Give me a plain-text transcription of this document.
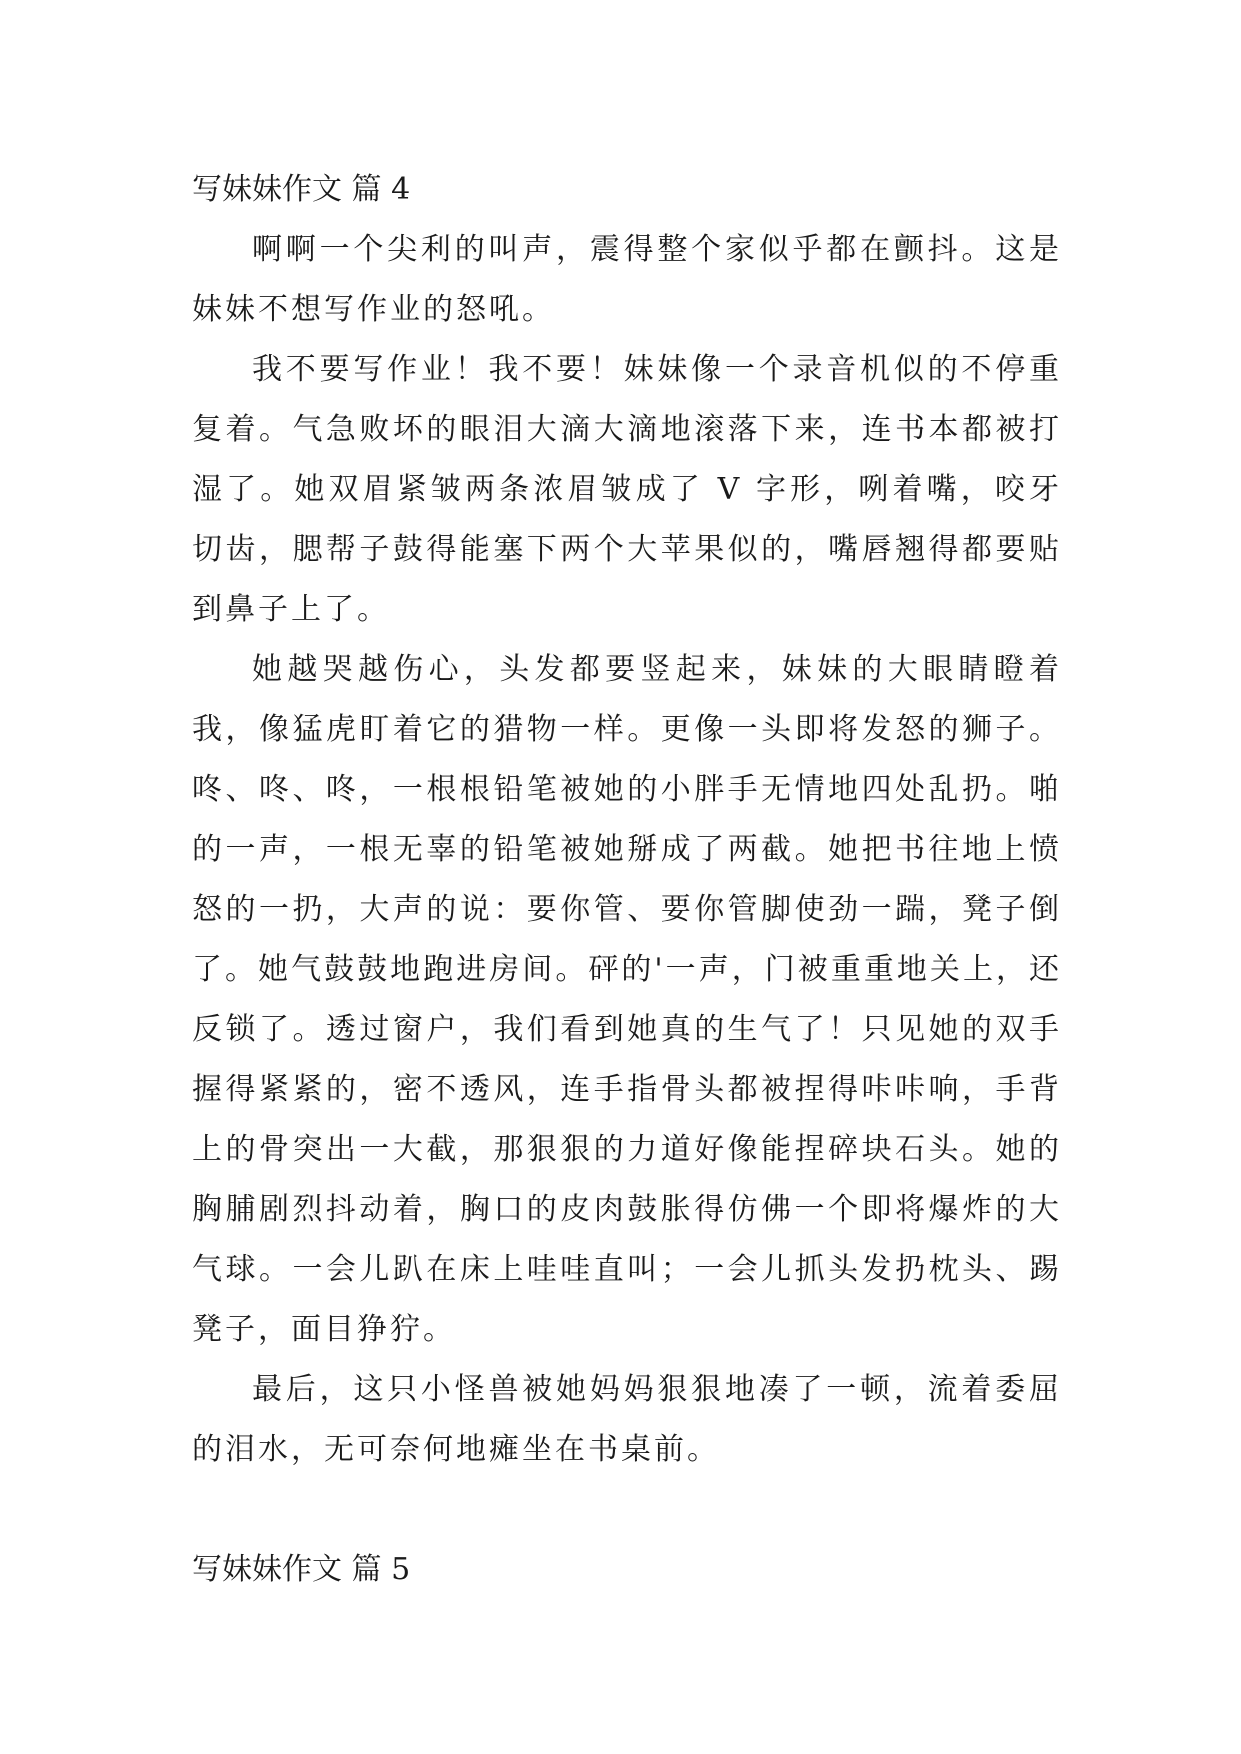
写妹妹作文 篇 4

啊啊一个尖利的叫声，震得整个家似乎都在颤抖。这是妹妹不想写作业的怒吼。

我不要写作业！我不要！妹妹像一个录音机似的不停重复着。气急败坏的眼泪大滴大滴地滚落下来，连书本都被打湿了。她双眉紧皱两条浓眉皱成了 V 字形，咧着嘴，咬牙切齿，腮帮子鼓得能塞下两个大苹果似的，嘴唇翘得都要贴到鼻子上了。

她越哭越伤心，头发都要竖起来，妹妹的大眼睛瞪着我，像猛虎盯着它的猎物一样。更像一头即将发怒的狮子。咚、咚、咚，一根根铅笔被她的小胖手无情地四处乱扔。啪的一声，一根无辜的铅笔被她掰成了两截。她把书往地上愤怒的一扔，大声的说：要你管、要你管脚使劲一踹，凳子倒了。她气鼓鼓地跑进房间。砰的'一声，门被重重地关上，还反锁了。透过窗户，我们看到她真的生气了！只见她的双手握得紧紧的，密不透风，连手指骨头都被捏得咔咔响，手背上的骨突出一大截，那狠狠的力道好像能捏碎块石头。她的胸脯剧烈抖动着，胸口的皮肉鼓胀得仿佛一个即将爆炸的大气球。一会儿趴在床上哇哇直叫；一会儿抓头发扔枕头、踢凳子，面目狰狞。

最后，这只小怪兽被她妈妈狠狠地凑了一顿，流着委屈的泪水，无可奈何地瘫坐在书桌前。

写妹妹作文 篇 5
